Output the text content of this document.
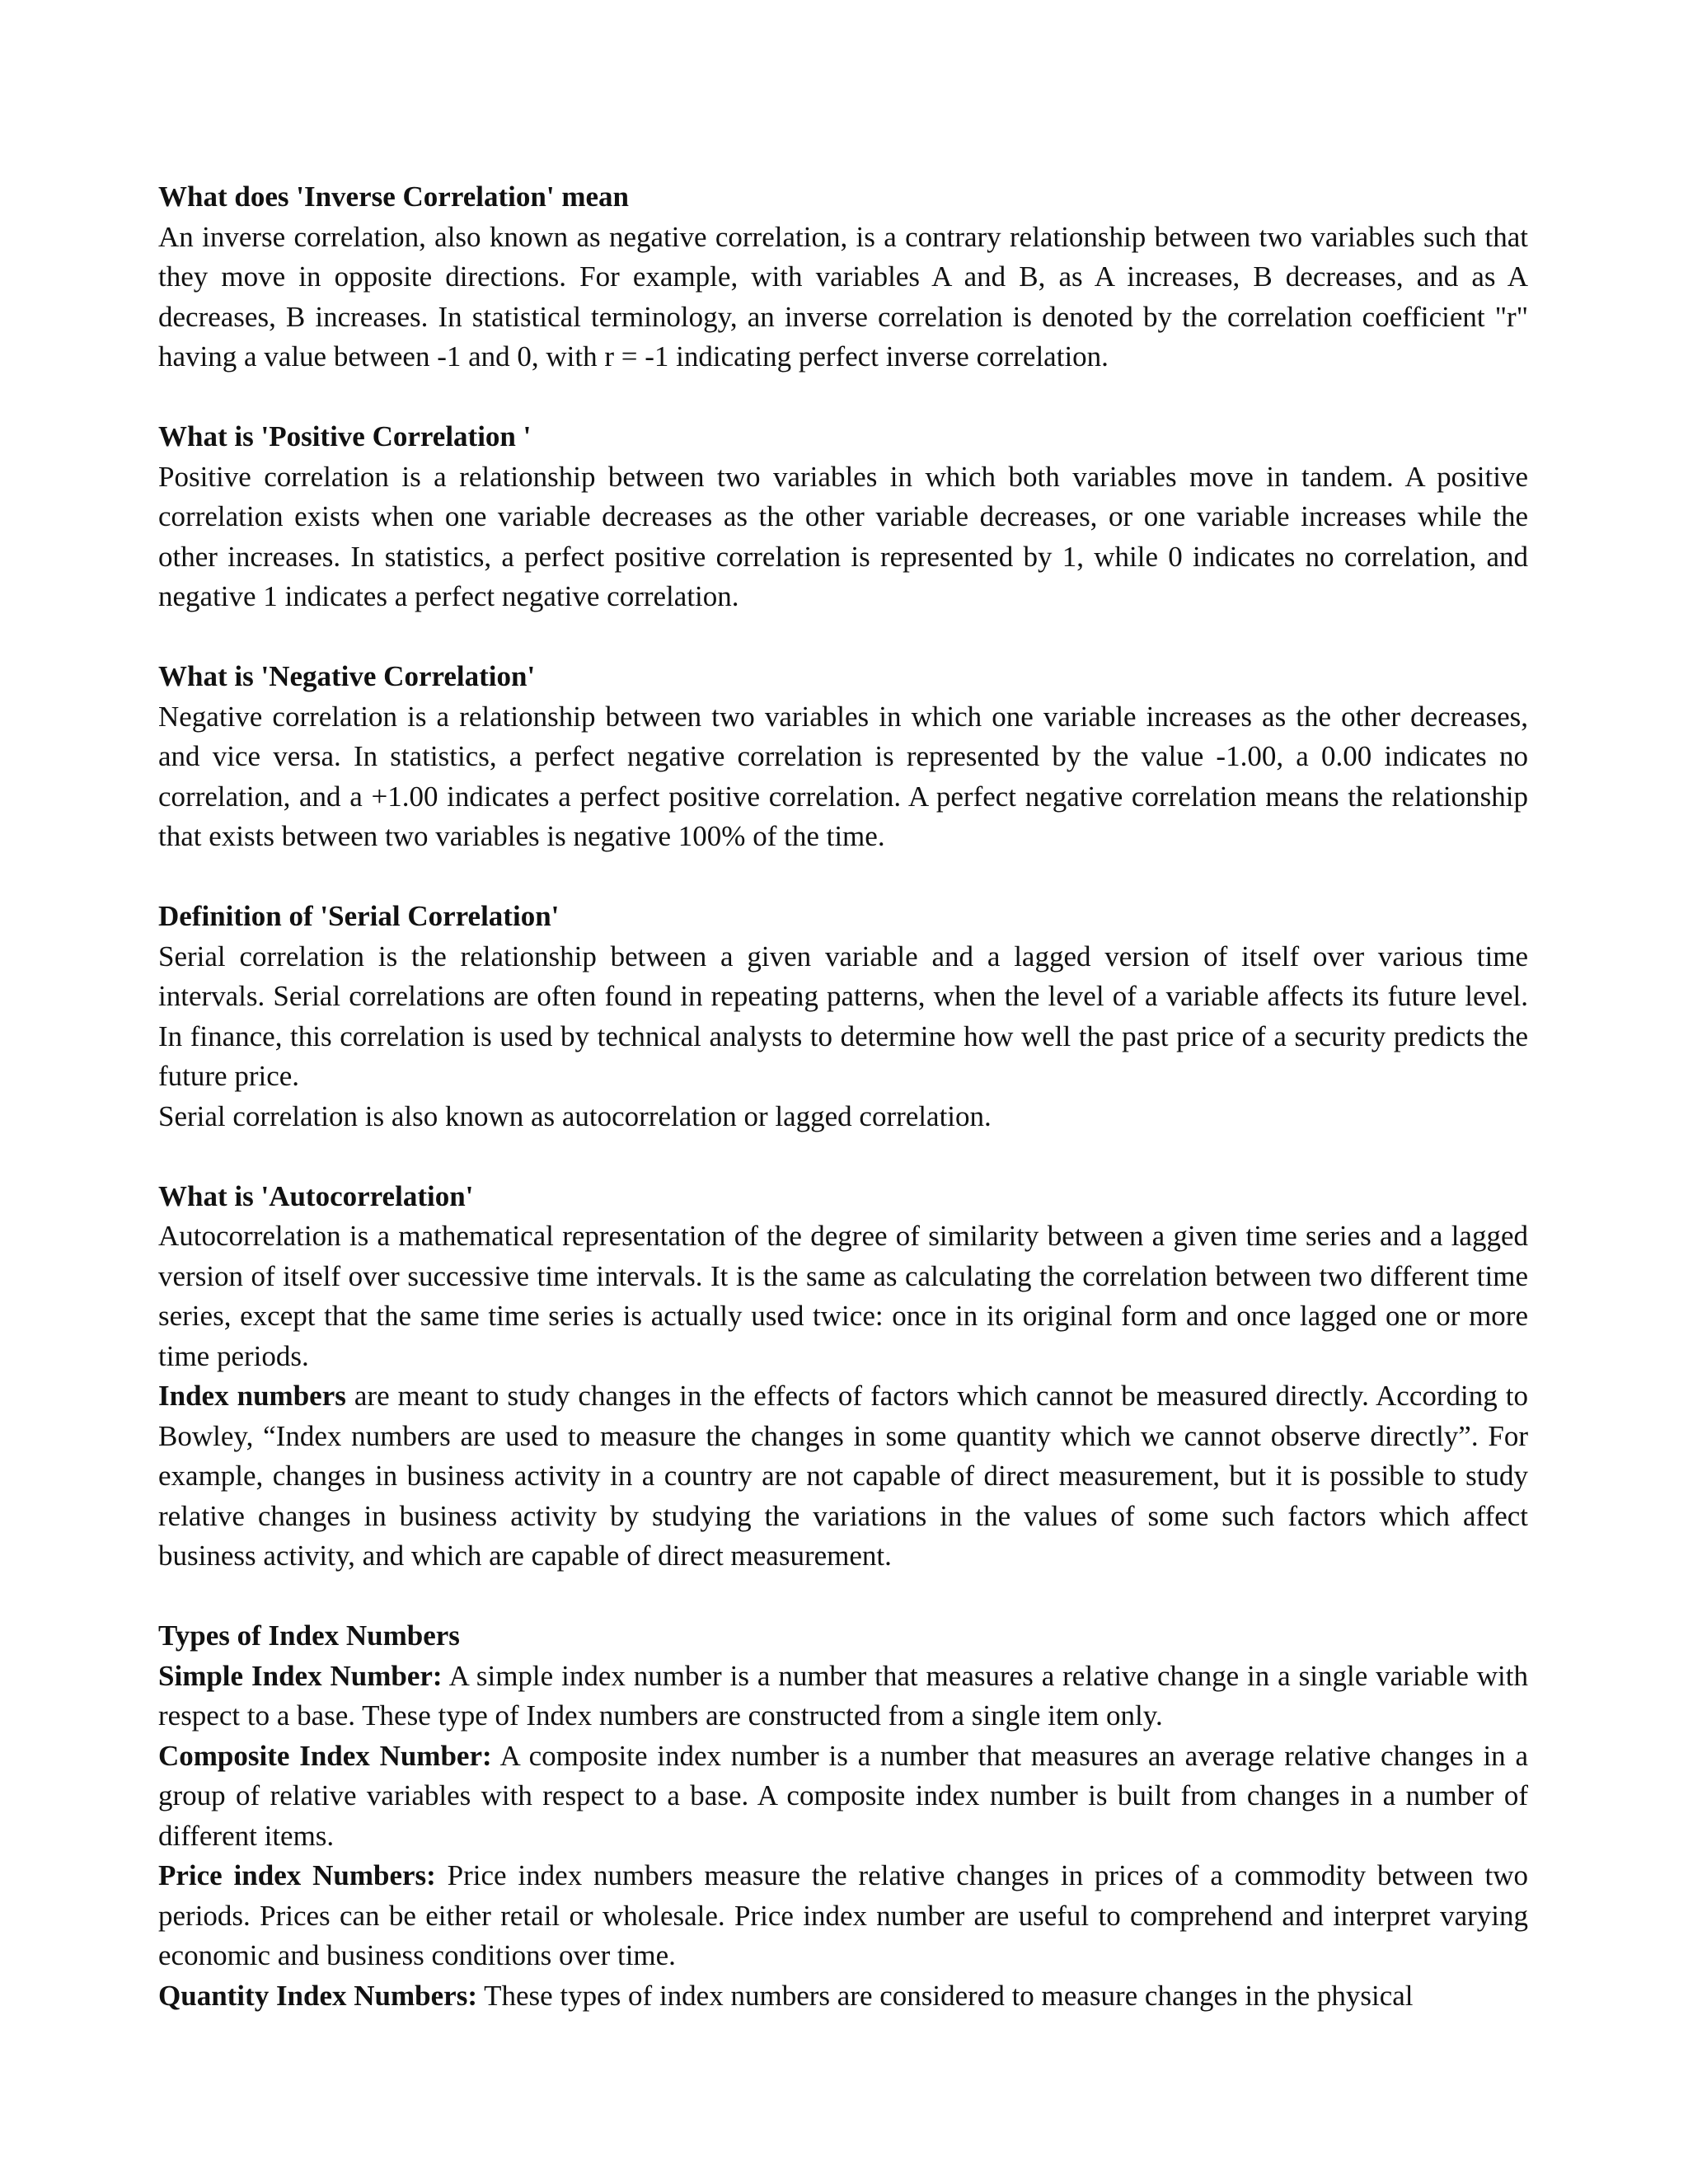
What does 'Inverse Correlation' mean

An inverse correlation, also known as negative correlation, is a contrary relationship between two variables such that they move in opposite directions. For example, with variables A and B, as A increases, B decreases, and as A decreases, B increases. In statistical terminology, an inverse correlation is denoted by the correlation coefficient "r" having a value between -1 and 0, with r = -1 indicating perfect inverse correlation.

What is 'Positive Correlation '

Positive correlation is a relationship between two variables in which both variables move in tandem. A positive correlation exists when one variable decreases as the other variable decreases, or one variable increases while the other increases. In statistics, a perfect positive correlation is represented by 1, while 0 indicates no correlation, and negative 1 indicates a perfect negative correlation.

What is 'Negative Correlation'

Negative correlation is a relationship between two variables in which one variable increases as the other decreases, and vice versa. In statistics, a perfect negative correlation is represented by the value -1.00, a 0.00 indicates no correlation, and a +1.00 indicates a perfect positive correlation. A perfect negative correlation means the relationship that exists between two variables is negative 100% of the time.

Definition of 'Serial Correlation'

Serial correlation is the relationship between a given variable and a lagged version of itself over various time intervals. Serial correlations are often found in repeating patterns, when the level of a variable affects its future level. In finance, this correlation is used by technical analysts to determine how well the past price of a security predicts the future price.

Serial correlation is also known as autocorrelation or lagged correlation.

What is 'Autocorrelation'

Autocorrelation is a mathematical representation of the degree of similarity between a given time series and a lagged version of itself over successive time intervals. It is the same as calculating the correlation between two different time series, except that the same time series is actually used twice: once in its original form and once lagged one or more time periods.

Index numbers are meant to study changes in the effects of factors which cannot be measured directly. According to Bowley, “Index numbers are used to measure the changes in some quantity which we cannot observe directly”. For example, changes in business activity in a country are not capable of direct measurement, but it is possible to study relative changes in business activity by studying the variations in the values of some such factors which affect business activity, and which are capable of direct measurement.

Types of Index Numbers

Simple Index Number: A simple index number is a number that measures a relative change in a single variable with respect to a base. These type of Index numbers are constructed from a single item only.

Composite Index Number: A composite index number is a number that measures an average relative changes in a group of relative variables with respect to a base. A composite index number is built from changes in a number of different items.

Price index Numbers: Price index numbers measure the relative changes in prices of a commodity between two periods. Prices can be either retail or wholesale. Price index number are useful to comprehend and interpret varying economic and business conditions over time.

Quantity Index Numbers: These types of index numbers are considered to measure changes in the physical
